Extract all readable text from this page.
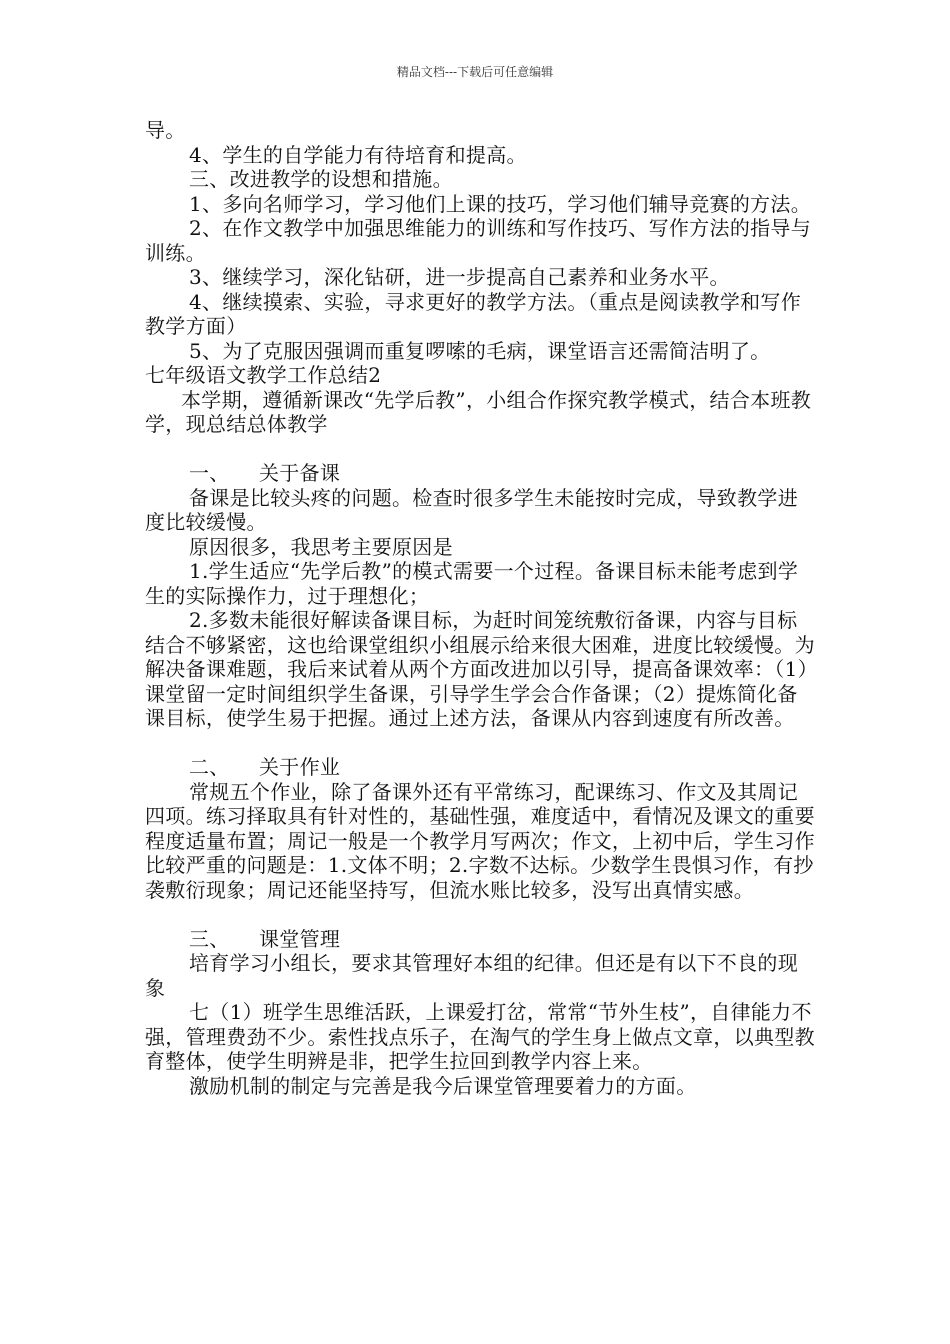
精品文档---下载后可任意编辑

导。

4、学生的自学能力有待培育和提高。

三、改进教学的设想和措施。

1、多向名师学习，学习他们上课的技巧，学习他们辅导竞赛的方法。

2、在作文教学中加强思维能力的训练和写作技巧、写作方法的指导与训练。

3、继续学习，深化钻研，进一步提高自己素养和业务水平。

4、继续摸索、实验，寻求更好的教学方法。（重点是阅读教学和写作教学方面）

5、为了克服因强调而重复啰嗦的毛病，课堂语言还需简洁明了。

七年级语文教学工作总结2

本学期，遵循新课改“先学后教”，小组合作探究教学模式，结合本班教学，现总结总体教学

一、 关于备课

备课是比较头疼的问题。检查时很多学生未能按时完成，导致教学进度比较缓慢。

原因很多，我思考主要原因是

1.学生适应“先学后教”的模式需要一个过程。备课目标未能考虑到学生的实际操作力，过于理想化；

2.多数未能很好解读备课目标，为赶时间笼统敷衍备课，内容与目标结合不够紧密，这也给课堂组织小组展示给来很大困难，进度比较缓慢。为解决备课难题，我后来试着从两个方面改进加以引导，提高备课效率：（1）课堂留一定时间组织学生备课，引导学生学会合作备课；（2）提炼简化备课目标，使学生易于把握。通过上述方法，备课从内容到速度有所改善。

二、 关于作业

常规五个作业，除了备课外还有平常练习，配课练习、作文及其周记四项。练习择取具有针对性的，基础性强，难度适中，看情况及课文的重要程度适量布置；周记一般是一个教学月写两次；作文，上初中后，学生习作比较严重的问题是：1.文体不明；2.字数不达标。少数学生畏惧习作，有抄袭敷衍现象；周记还能坚持写，但流水账比较多，没写出真情实感。

三、 课堂管理

培育学习小组长，要求其管理好本组的纪律。但还是有以下不良的现象

七（1）班学生思维活跃，上课爱打岔，常常“节外生枝”，自律能力不强，管理费劲不少。索性找点乐子，在淘气的学生身上做点文章，以典型教育整体，使学生明辨是非，把学生拉回到教学内容上来。

激励机制的制定与完善是我今后课堂管理要着力的方面。
